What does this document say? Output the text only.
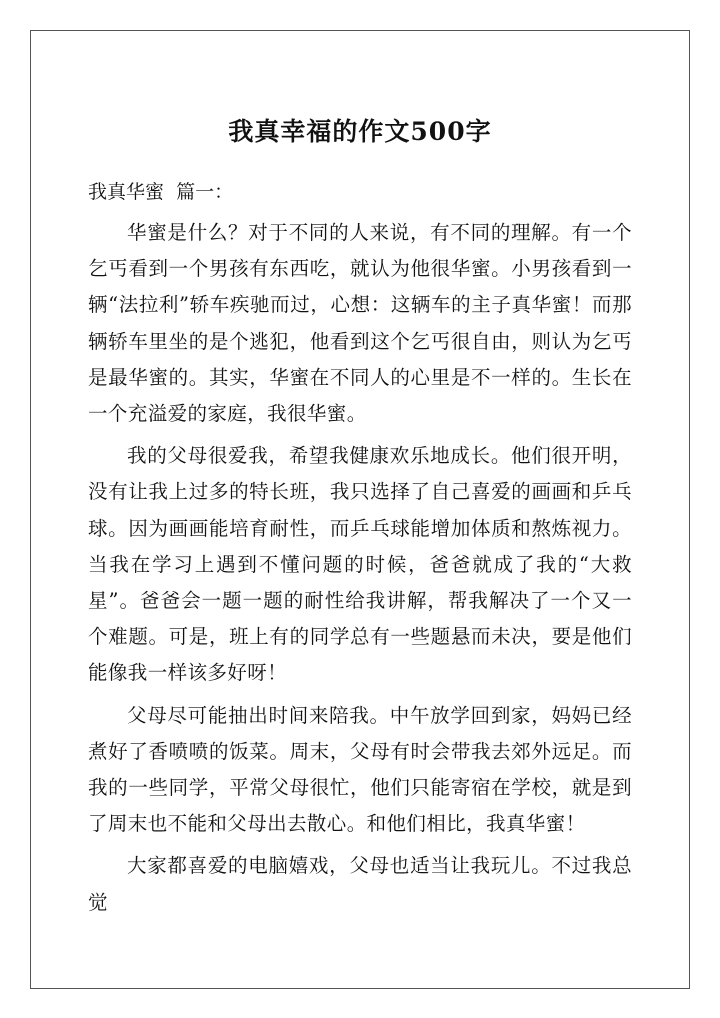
我真幸福的作文500字
我真华蜜  篇一：

华蜜是什么？对于不同的人来说，有不同的理解。有一个乞丐看到一个男孩有东西吃，就认为他很华蜜。小男孩看到一辆“法拉利”轿车疾驰而过，心想：这辆车的主子真华蜜！而那辆轿车里坐的是个逃犯，他看到这个乞丐很自由，则认为乞丐是最华蜜的。其实，华蜜在不同人的心里是不一样的。生长在一个充溢爱的家庭，我很华蜜。

我的父母很爱我，希望我健康欢乐地成长。他们很开明，没有让我上过多的特长班，我只选择了自己喜爱的画画和乒乓球。因为画画能培育耐性，而乒乓球能增加体质和熬炼视力。当我在学习上遇到不懂问题的时候，爸爸就成了我的“大救星”。爸爸会一题一题的耐性给我讲解，帮我解决了一个又一个难题。可是，班上有的同学总有一些题悬而未决，要是他们能像我一样该多好呀！

父母尽可能抽出时间来陪我。中午放学回到家，妈妈已经煮好了香喷喷的饭菜。周末，父母有时会带我去郊外远足。而我的一些同学，平常父母很忙，他们只能寄宿在学校，就是到了周末也不能和父母出去散心。和他们相比，我真华蜜！

大家都喜爱的电脑嬉戏，父母也适当让我玩儿。不过我总觉
